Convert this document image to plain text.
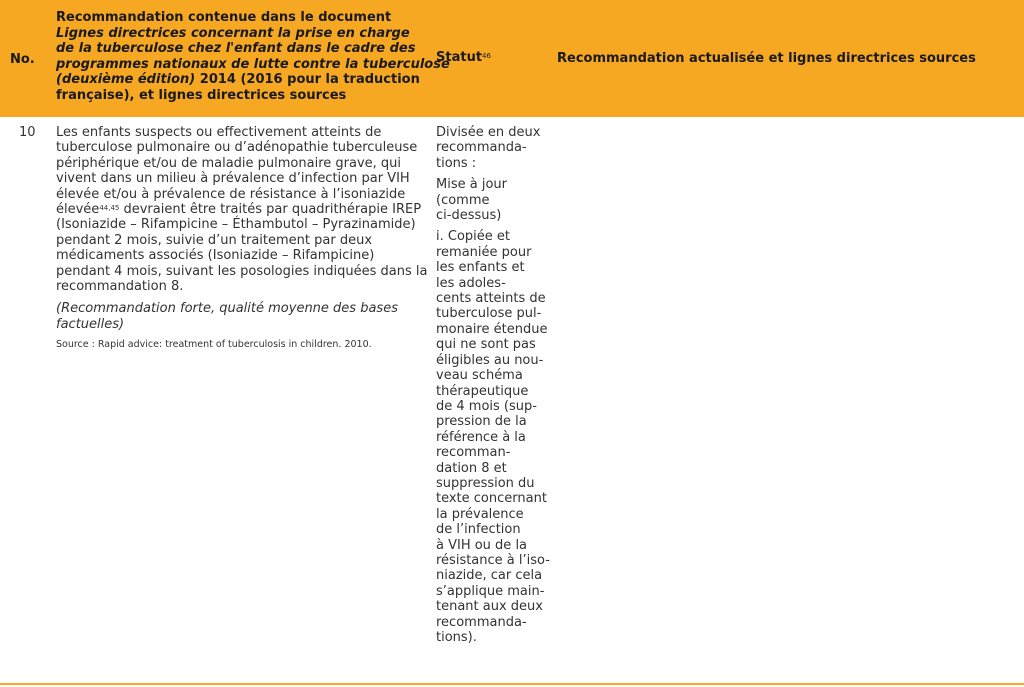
No.
Recommandation contenue dans le document
Lignes directrices concernant la prise en charge
de la tuberculose chez l'enfant dans le cadre des
programmes nationaux de lutte contre la tuberculose
(deuxième édition) 2014 (2016 pour la traduction
française), et lignes directrices sources
Statut$^{46}$	Recommandation actualisée et lignes directrices sources
10 Les enfants suspects ou effectivement atteints de
tuberculose pulmonaire ou d’adénopathie tuberculeuse
périphérique et/ou de maladie pulmonaire grave, qui
vivent dans un milieu à prévalence d’infection par VIH
élevée et/ou à prévalence de résistance à l’isoniazide
élevée$^{44,45}$ devraient être traités par quadrithérapie IREP
(Isoniazide – Rifampicine – Éthambutol – Pyrazinamide)
pendant 2 mois, suivie d’un traitement par deux
médicaments associés (Isoniazide – Rifampicine)
pendant 4 mois, suivant les posologies indiquées dans la
recommandation 8.
(Recommandation forte, qualité moyenne des bases
factuelles)
Source : Rapid advice: treatment of tuberculosis in children. 2010.
Divisée en deux
recommanda-
tions :
Mise à jour
(comme
ci-dessus)
i. Copiée et
remaniée pour
les enfants et
les adoles-
cents atteints de
tuberculose pul-
monaire étendue
qui ne sont pas
éligibles au nou-
veau schéma
thérapeutique
de 4 mois (sup-
pression de la
référence à la
recomman-
dation 8 et
suppression du
texte concernant
la prévalence
de l’infection
à VIH ou de la
résistance à l’iso-
niazide, car cela
s’applique main-
tenant aux deux
recommanda-
tions).
